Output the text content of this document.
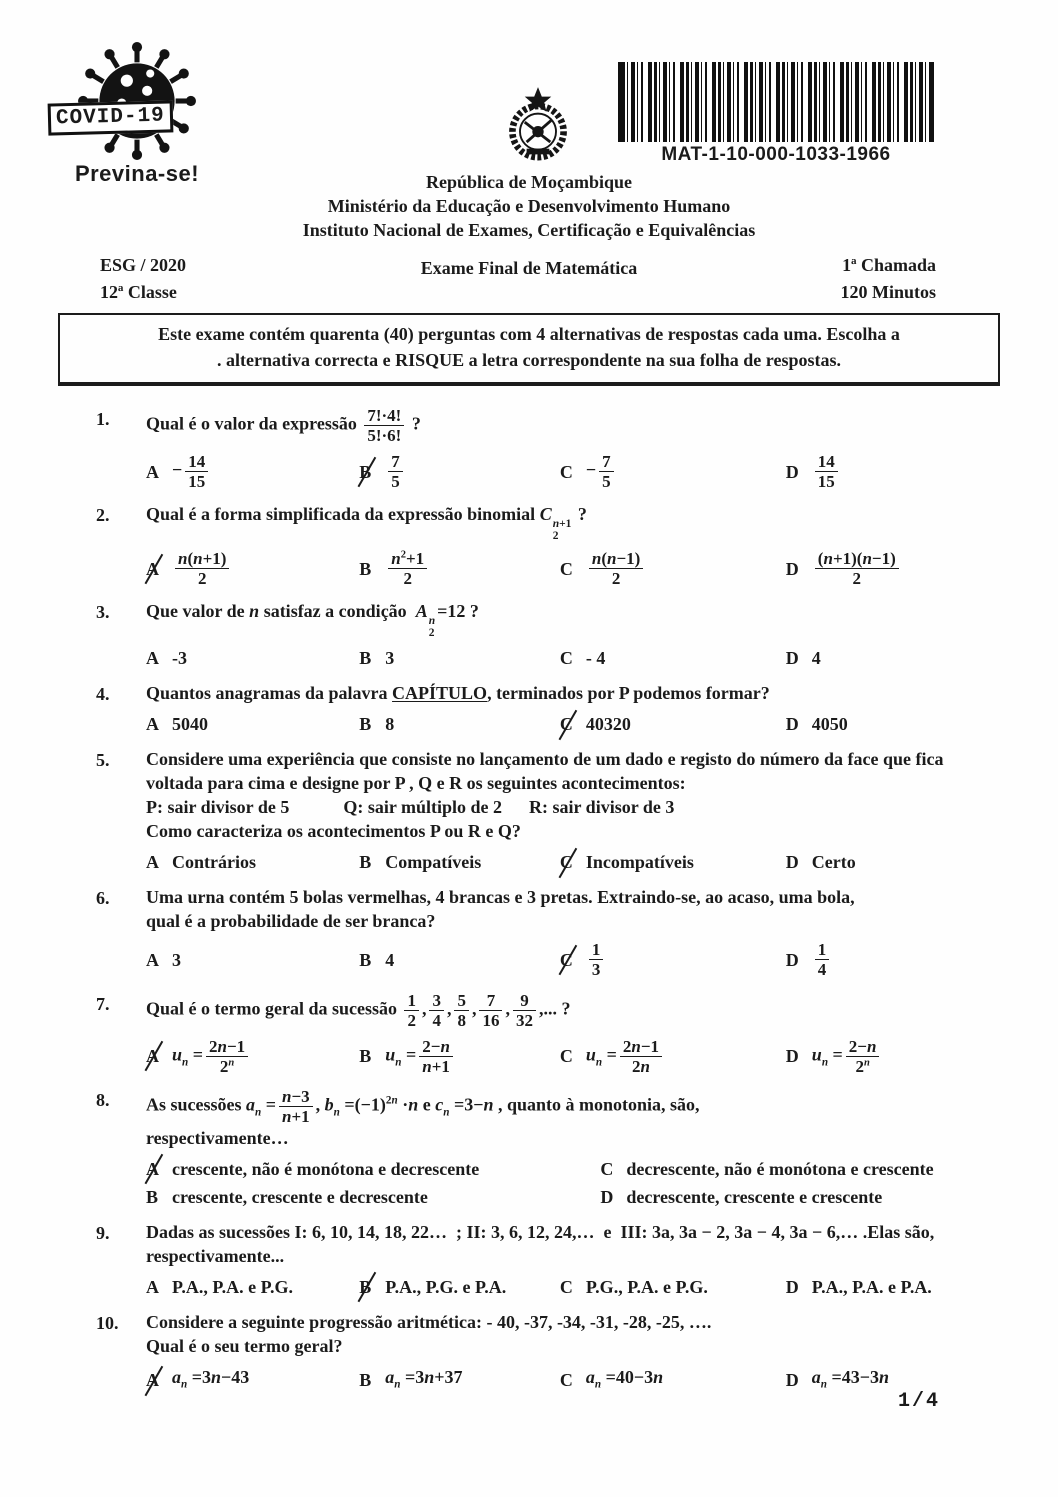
COVID-19
Previna-se!
MAT-1-10-000-1033-1966
República de Moçambique
Ministério da Educação e Desenvolvimento Humano
Instituto Nacional de Exames, Certificação e Equivalências
ESG / 2020
12ª Classe
Exame Final de Matemática	1ª Chamada
120 Minutos
Este exame contém quarenta (40) perguntas com 4 alternativas de respostas cada uma. Escolha a
. alternativa correcta e RISQUE a letra correspondente na sua folha de respostas.
1.	Qual é o valor da expressão $\frac{7!\cdot 4!}{5!\cdot 6!}$ ?
$A - \frac{14}{15}$	B $\frac{7}{5}$	$C - \frac{7}{5}$	D $\frac{14}{15}$
2.	Qual é a forma simplificada da expressão binomial C n+1
2
?
A $\frac{n(n+1)}{2}$	B $\frac{n^2+1}{2}$	C $\frac{n(n-1)}{2}$	D $\frac{(n+1)(n-1)}{2}$
3.	Que valor de n satisfaz a condição  A n
2
=12 ?
A -3	B 3	C - 4	D 4
4.	Quantos anagramas da palavra CAPÍTULO, terminados por P podemos formar?
A 5040	B 8	C 40320	D 4050
5.	Considere uma experiência que consiste no lançamento de um dado e registo do número da face que fica voltada para cima e designe por P , Q e R os seguintes acontecimentos:
P: sair divisor de 5            Q: sair múltiplo de 2      R: sair divisor de 3
Como caracteriza os acontecimentos P ou R e Q?
A Contrários	B Compatíveis	C Incompatíveis	D Certo
6.	Uma urna contém 5 bolas vermelhas, 4 brancas e 3 pretas. Extraindo-se, ao acaso, uma bola,
qual é a probabilidade de ser branca?
A 3	B 4	C $\frac{1}{3}$	D $\frac{1}{4}$
7.	Qual é o termo geral da sucessão $\frac{1}{2}$ , $\frac{3}{4}$ , $\frac{5}{8}$ , $\frac{7}{16}$ , $\frac{9}{32}$ ,... ?
A $u_n = \frac{2n-1}{2^n}$	B $u_n = \frac{2-n}{n+1}$	C $u_n = \frac{2n-1}{2n}$	D $u_n = \frac{2-n}{2^n}$
8.	As sucessões $a_n = \frac{n-3}{n+1}$ , $b_n =(-1)^{2n} \cdot n$ e $c_n =3-n$ , quanto à monotonia, são,
respectivamente…
A crescente, não é monótona e decrescente	C decrescente, não é monótona e crescente
B crescente, crescente e decrescente	D decrescente, crescente e crescente
9.	Dadas as sucessões I: 6, 10, 14, 18, 22…  ; II: 3, 6, 12, 24,…  e  III: 3a, 3a − 2, 3a − 4, 3a − 6,… .Elas são, respectivamente...
A P.A., P.A. e P.G.	B P.A., P.G. e P.A.	C P.G., P.A. e P.G.	D P.A., P.A. e P.A.
10.	Considere a seguinte progressão aritmética: - 40, -37, -34, -31, -28, -25, ….
Qual é o seu termo geral?
A $a_n =3n-43$	B $a_n =3n+37$	C $a_n =40-3n$	D $a_n =43-3n$
1/4
